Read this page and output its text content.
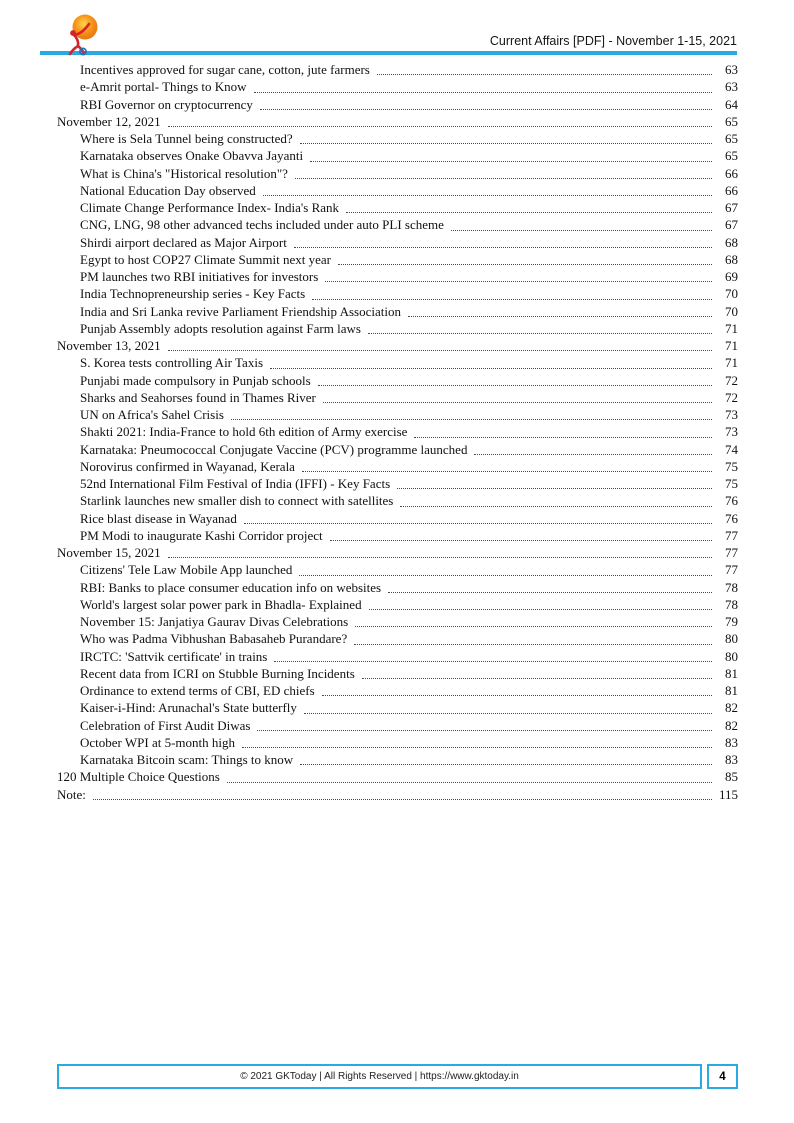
Current Affairs [PDF] - November 1-15, 2021
Incentives approved for sugar cane, cotton, jute farmers	63
e-Amrit portal- Things to Know	63
RBI Governor on cryptocurrency	64
November 12, 2021	65
Where is Sela Tunnel being constructed?	65
Karnataka observes Onake Obavva Jayanti	65
What is China's "Historical resolution"?	66
National Education Day observed	66
Climate Change Performance Index- India's Rank	67
CNG, LNG, 98 other advanced techs included under auto PLI scheme	67
Shirdi airport declared as Major Airport	68
Egypt to host COP27 Climate Summit next year	68
PM launches two RBI initiatives for investors	69
India Technopreneurship series - Key Facts	70
India and Sri Lanka revive Parliament Friendship Association	70
Punjab Assembly adopts resolution against Farm laws	71
November 13, 2021	71
S. Korea tests controlling Air Taxis	71
Punjabi made compulsory in Punjab schools	72
Sharks and Seahorses found in Thames River	72
UN on Africa's Sahel Crisis	73
Shakti 2021: India-France to hold 6th edition of Army exercise	73
Karnataka: Pneumococcal Conjugate Vaccine (PCV) programme launched	74
Norovirus confirmed in Wayanad, Kerala	75
52nd International Film Festival of India (IFFI) - Key Facts	75
Starlink launches new smaller dish to connect with satellites	76
Rice blast disease in Wayanad	76
PM Modi to inaugurate Kashi Corridor project	77
November 15, 2021	77
Citizens' Tele Law Mobile App launched	77
RBI: Banks to place consumer education info on websites	78
World's largest solar power park in Bhadla- Explained	78
November 15: Janjatiya Gaurav Divas Celebrations	79
Who was Padma Vibhushan Babasaheb Purandare?	80
IRCTC: 'Sattvik certificate' in trains	80
Recent data from ICRI on Stubble Burning Incidents	81
Ordinance to extend terms of CBI, ED chiefs	81
Kaiser-i-Hind: Arunachal's State butterfly	82
Celebration of First Audit Diwas	82
October WPI at 5-month high	83
Karnataka Bitcoin scam: Things to know	83
120 Multiple Choice Questions	85
Note:	115
© 2021 GKToday | All Rights Reserved | https://www.gktoday.in	4
